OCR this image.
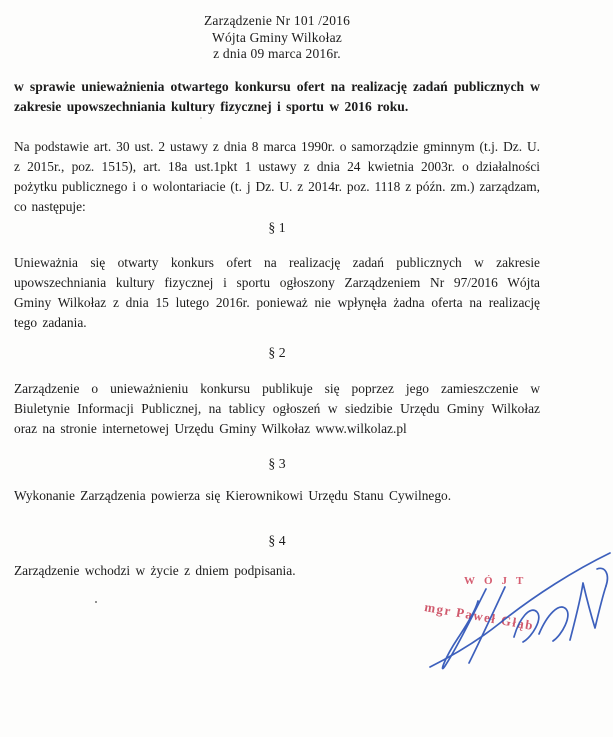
Zarządzenie Nr 101 /2016
Wójta Gminy Wilkołaz
z dnia 09 marca 2016r.
w sprawie unieważnienia otwartego konkursu ofert na realizację zadań publicznych w zakresie upowszechniania kultury fizycznej i sportu w 2016 roku.
Na podstawie art. 30 ust. 2 ustawy z dnia 8 marca 1990r. o samorządzie gminnym (t.j. Dz. U. z 2015r., poz. 1515), art. 18a ust.1pkt 1 ustawy z dnia 24 kwietnia 2003r. o działalności pożytku publicznego i o wolontariacie (t. j Dz. U. z 2014r. poz. 1118 z późn. zm.) zarządzam, co następuje:
§ 1
Unieważnia się otwarty konkurs ofert na realizację zadań publicznych w zakresie upowszechniania kultury fizycznej i sportu ogłoszony Zarządzeniem Nr 97/2016 Wójta Gminy Wilkołaz z dnia 15 lutego 2016r. ponieważ nie wpłynęła żadna oferta na realizację tego zadania.
§ 2
Zarządzenie o unieważnieniu konkursu publikuje się poprzez jego zamieszczenie w Biuletynie Informacji Publicznej, na tablicy ogłoszeń w siedzibie Urzędu Gminy Wilkołaz oraz na stronie internetowej Urzędu Gminy Wilkołaz www.wilkolaz.pl
§ 3
Wykonanie Zarządzenia powierza się Kierownikowi Urzędu Stanu Cywilnego.
§ 4
Zarządzenie wchodzi w życie z dniem podpisania.
WÓJT
mgr Paweł Głąb
